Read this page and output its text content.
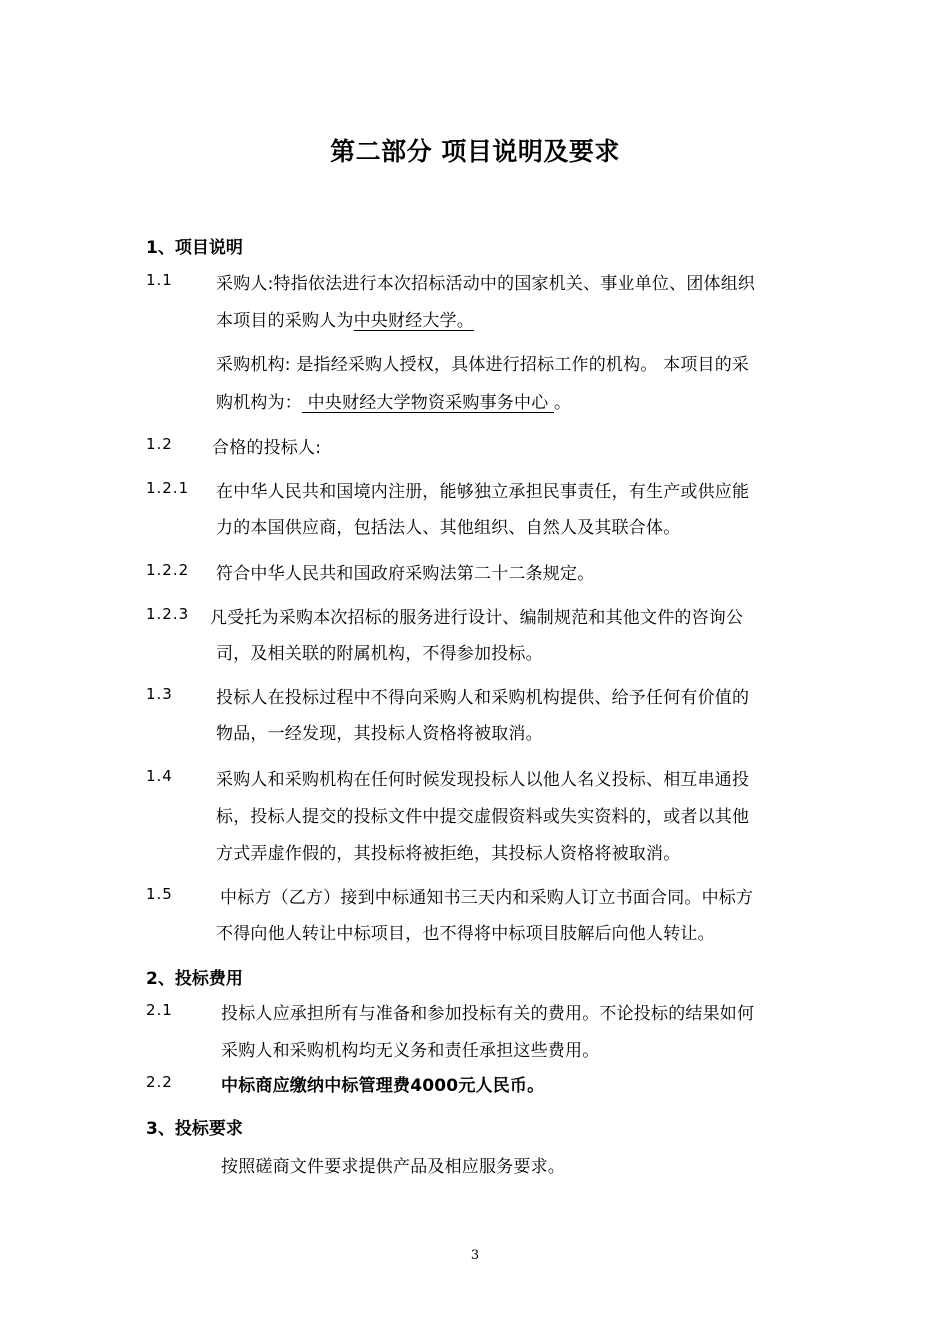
第二部分 项目说明及要求
1、项目说明
1.1	采购人:特指依法进行本次招标活动中的国家机关、事业单位、团体组织
本项目的采购人为中央财经大学。
采购机构: 是指经采购人授权，具体进行招标工作的机构。 本项目的采
购机构为： 中央财经大学物资采购事务中心 。
1.2 合格的投标人:
1.2.1 在中华人民共和国境内注册，能够独立承担民事责任，有生产或供应能
力的本国供应商，包括法人、其他组织、自然人及其联合体。
1.2.2 符合中华人民共和国政府采购法第二十二条规定。
1.2.3 凡受托为采购本次招标的服务进行设计、编制规范和其他文件的咨询公
司，及相关联的附属机构，不得参加投标。
1.3	投标人在投标过程中不得向采购人和采购机构提供、给予任何有价值的
物品，一经发现，其投标人资格将被取消。
1.4	采购人和采购机构在任何时候发现投标人以他人名义投标、相互串通投
标，投标人提交的投标文件中提交虚假资料或失实资料的，或者以其他
方式弄虚作假的，其投标将被拒绝，其投标人资格将被取消。
1.5	中标方（乙方）接到中标通知书三天内和采购人订立书面合同。中标方
不得向他人转让中标项目，也不得将中标项目肢解后向他人转让。
2、投标费用
2.1	投标人应承担所有与准备和参加投标有关的费用。不论投标的结果如何
采购人和采购机构均无义务和责任承担这些费用。
2.2	中标商应缴纳中标管理费4000元人民币。
3、投标要求
按照磋商文件要求提供产品及相应服务要求。
3
